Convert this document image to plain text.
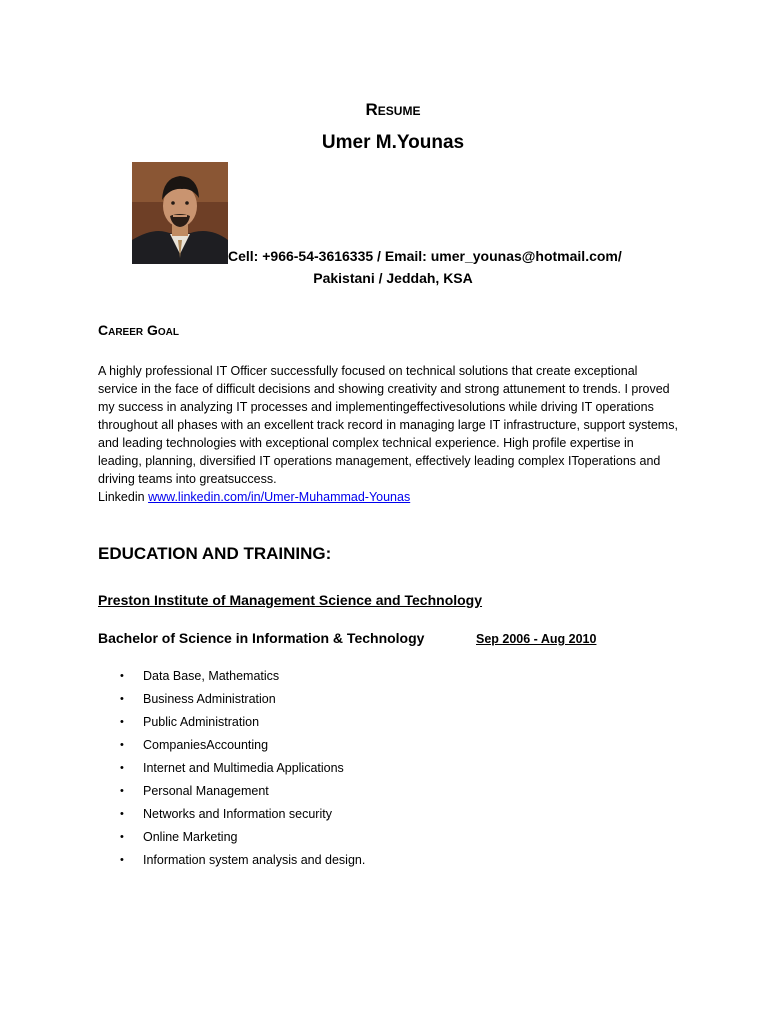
Resume
Umer M.Younas
Cell: +966-54-3616335 / Email: umer_younas@hotmail.com/
Pakistani / Jeddah, KSA
Career Goal
A highly professional IT Officer successfully focused on technical solutions that create exceptional service in the face of difficult decisions and showing creativity and strong attunement to trends. I proved my success in analyzing IT processes and implementingeffectivesolutions while driving IT operations throughout all phases with an excellent track record in managing large IT infrastructure, support systems, and leading technologies with exceptional complex technical experience. High profile expertise in leading, planning, diversified IT operations management, effectively leading complex IToperations and driving teams into greatsuccess.
Linkedin www.linkedin.com/in/Umer-Muhammad-Younas
EDUCATION AND TRAINING:
Preston Institute of Management Science and Technology
Bachelor of Science in Information & Technology	Sep 2006 - Aug 2010
• Data Base, Mathematics
• Business Administration
• Public Administration
• CompaniesAccounting
• Internet and Multimedia Applications
• Personal Management
• Networks and Information security
• Online Marketing
• Information system analysis and design.
